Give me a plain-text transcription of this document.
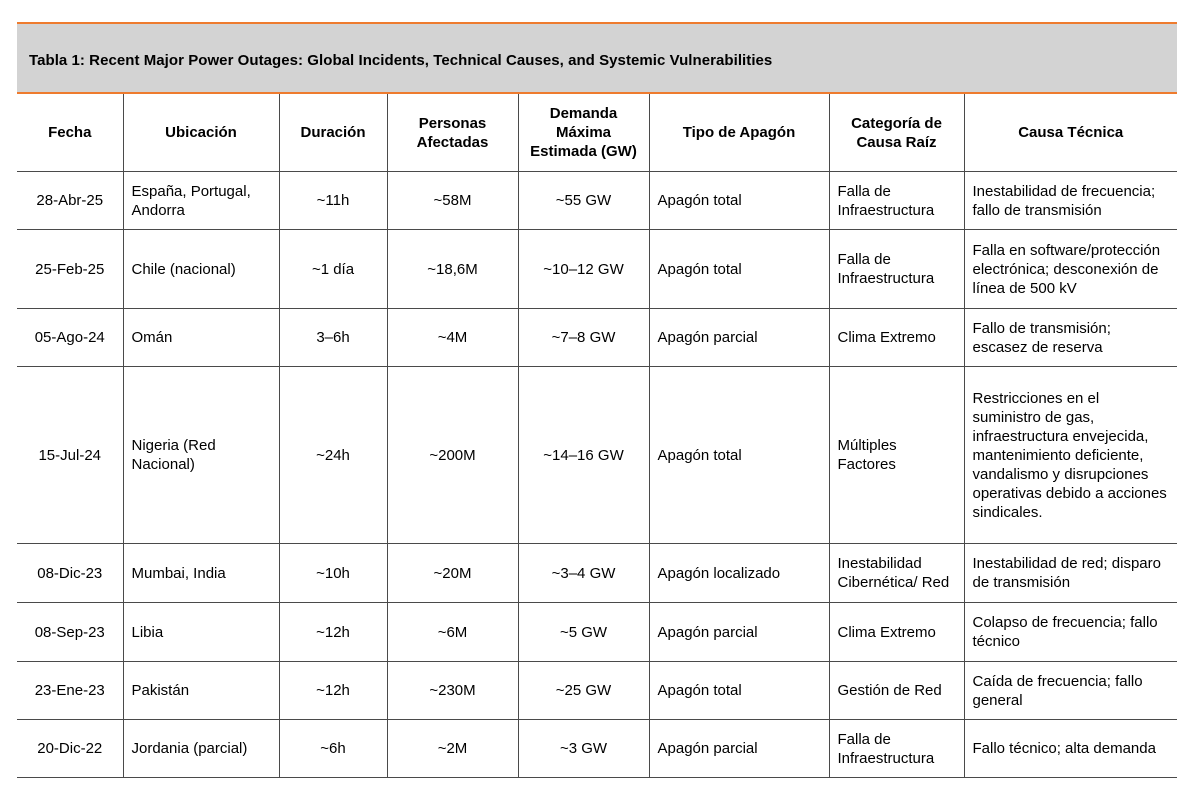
Tabla 1: Recent Major Power Outages: Global Incidents, Technical Causes, and Systemic Vulnerabilities
Fecha	Ubicación	Duración	Personas Afectadas	Demanda Máxima Estimada (GW)	Tipo de Apagón	Categoría de Causa Raíz	Causa Técnica
28-Abr-25	España, Portugal, Andorra	~11h	~58M	~55 GW	Apagón total	Falla de Infraestructura	Inestabilidad de frecuencia; fallo de transmisión
25-Feb-25	Chile (nacional)	~1 día	~18,6M	~10–12 GW	Apagón total	Falla de Infraestructura	Falla en software/protección electrónica; desconexión de línea de 500 kV
05-Ago-24	Omán	3–6h	~4M	~7–8 GW	Apagón parcial	Clima Extremo	Fallo de transmisión; escasez de reserva
15-Jul-24	Nigeria (Red Nacional)	~24h	~200M	~14–16 GW	Apagón total	Múltiples Factores	Restricciones en el suministro de gas, infraestructura envejecida, mantenimiento deficiente, vandalismo y disrupciones operativas debido a acciones sindicales.
08-Dic-23	Mumbai, India	~10h	~20M	~3–4 GW	Apagón localizado	Inestabilidad Cibernética/ Red	Inestabilidad de red; disparo de transmisión
08-Sep-23	Libia	~12h	~6M	~5 GW	Apagón parcial	Clima Extremo	Colapso de frecuencia; fallo técnico
23-Ene-23	Pakistán	~12h	~230M	~25 GW	Apagón total	Gestión de Red	Caída de frecuencia; fallo general
20-Dic-22	Jordania (parcial)	~6h	~2M	~3 GW	Apagón parcial	Falla de Infraestructura	Fallo técnico; alta demanda
